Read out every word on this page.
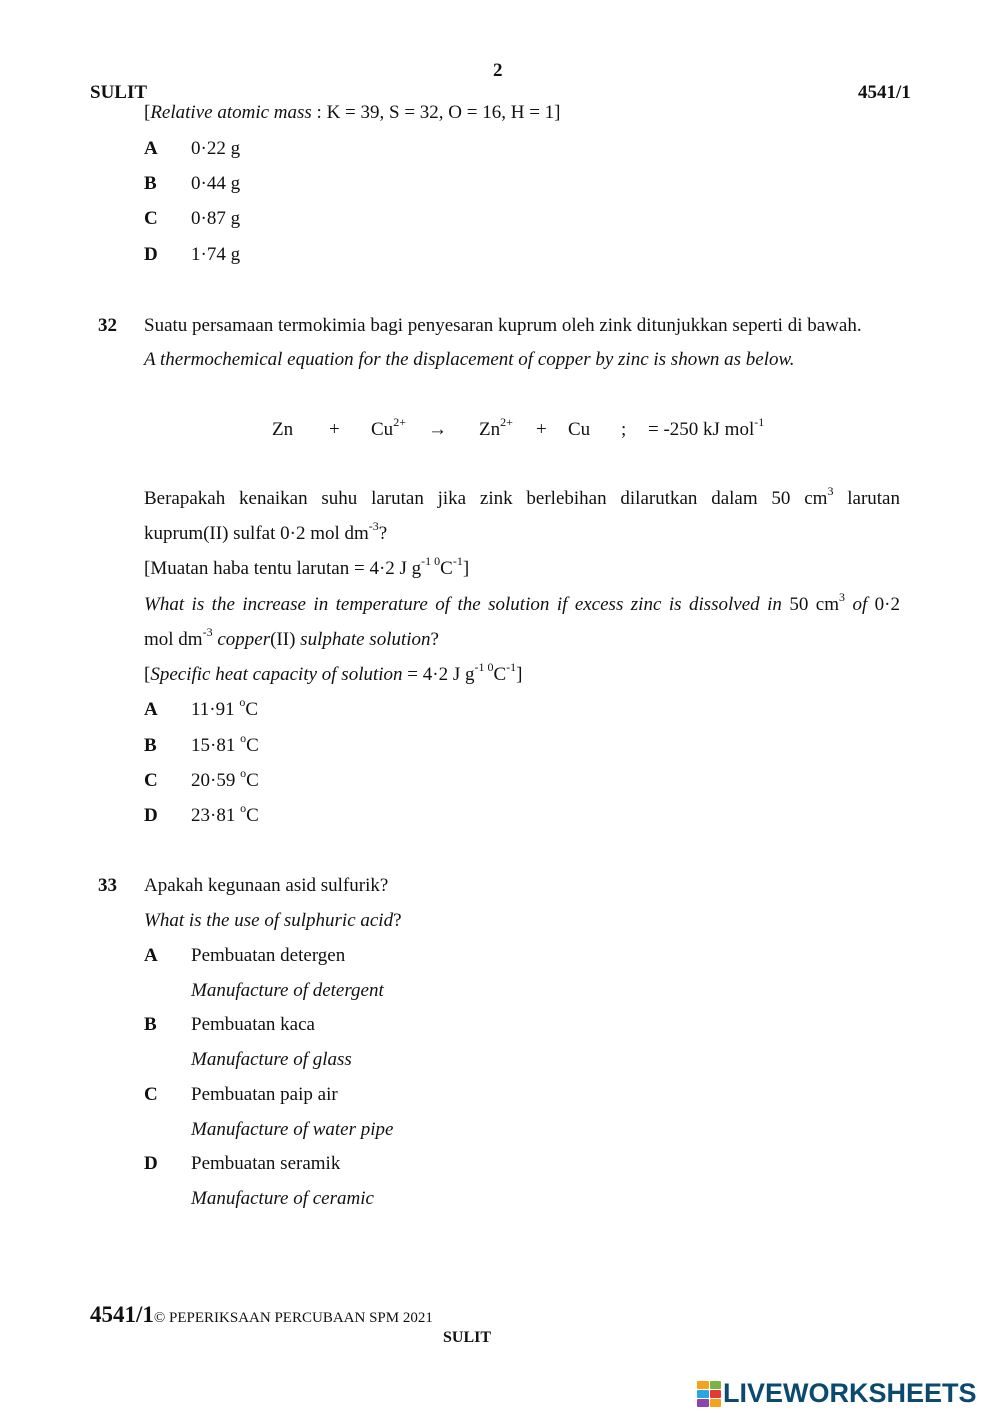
2
SULIT	4541/1
[Relative atomic mass : K = 39, S = 32, O = 16, H = 1]
A 0·22 g
B 0·44 g
C 0·87 g
D 1·74 g
32 Suatu persamaan termokimia bagi penyesaran kuprum oleh zink ditunjukkan seperti di bawah.
A thermochemical equation for the displacement of copper by zinc is shown as below.
$Zn + Cu^{2+} \to Zn^{2+} + Cu$ ; = -250 kJ mol$^{-1}$
Berapakah kenaikan suhu larutan jika zink berlebihan dilarutkan dalam 50 $cm^3$ larutan
kuprum(II) sulfat 0·2 mol $dm^{-3}$?
[Muatan haba tentu larutan = 4·2 J $g^{-1 0}C^{-1}$]
What is the increase in temperature of the solution if excess zinc is dissolved in 50 $cm^3$ of 0·2
mol $dm^{-3}$ copper(II) sulphate solution?
[Specific heat capacity of solution = 4·2 J $g^{-1 0}C^{-1}$]
A 11·91 $^o$C
B 15·81 $^o$C
C 20·59 $^o$C
D 23·81 $^o$C
33 Apakah kegunaan asid sulfurik?
What is the use of sulphuric acid?
A Pembuatan detergen
Manufacture of detergent
B Pembuatan kaca
Manufacture of glass
C Pembuatan paip air
Manufacture of water pipe
D Pembuatan seramik
Manufacture of ceramic
4541/1© PEPERIKSAAN PERCUBAAN SPM 2021
SULIT
LIVEWORKSHEETS
